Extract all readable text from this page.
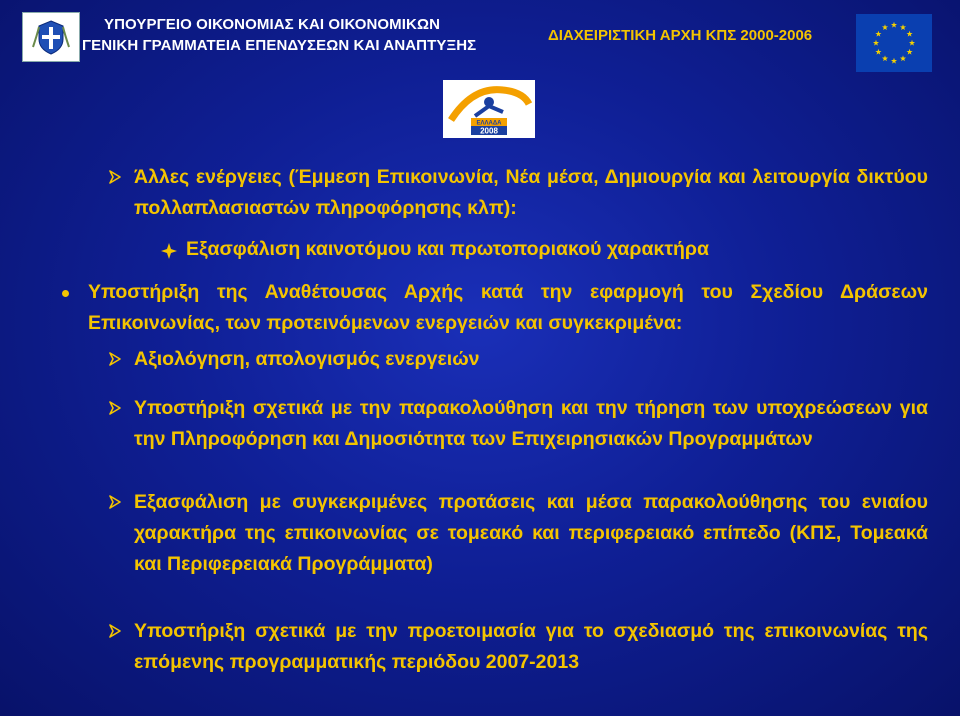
ΥΠΟΥΡΓΕΙΟ ΟΙΚΟΝΟΜΙΑΣ ΚΑΙ ΟΙΚΟΝΟΜΙΚΩΝ
ΓΕΝΙΚΗ ΓΡΑΜΜΑΤΕΙΑ ΕΠΕΝΔΥΣΕΩΝ ΚΑΙ ΑΝΑΠΤΥΞΗΣ
ΔΙΑΧΕΙΡΙΣΤΙΚΗ ΑΡΧΗ ΚΠΣ 2000-2006
ΕΛΛΑΔΑ
2008
Άλλες ενέργειες (Έμμεση Επικοινωνία, Νέα μέσα, Δημιουργία και λειτουργία δικτύου πολλαπλασιαστών πληροφόρησης κλπ):
Εξασφάλιση καινοτόμου και πρωτοποριακού χαρακτήρα
Υποστήριξη της Αναθέτουσας Αρχής κατά την εφαρμογή του Σχεδίου Δράσεων Επικοινωνίας, των προτεινόμενων ενεργειών και συγκεκριμένα:
Αξιολόγηση, απολογισμός ενεργειών
Υποστήριξη σχετικά με την παρακολούθηση και την τήρηση των υποχρεώσεων για την Πληροφόρηση και Δημοσιότητα των Επιχειρησιακών Προγραμμάτων
Εξασφάλιση με συγκεκριμένες προτάσεις και μέσα παρακολούθησης του ενιαίου χαρακτήρα της επικοινωνίας σε τομεακό και περιφερειακό επίπεδο (ΚΠΣ, Τομεακά και Περιφερειακά Προγράμματα)
Υποστήριξη σχετικά με την προετοιμασία για το σχεδιασμό της επικοινωνίας της επόμενης προγραμματικής περιόδου 2007-2013
